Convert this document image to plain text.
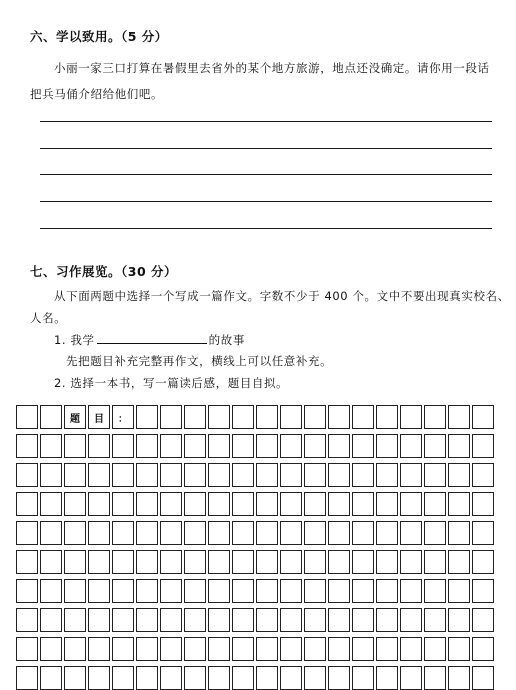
六、学以致用。（5 分）
小丽一家三口打算在暑假里去省外的某个地方旅游，地点还没确定。请你用一段话
把兵马俑介绍给他们吧。
七、习作展览。（30 分）
从下面两题中选择一个写成一篇作文。字数不少于 400 个。文中不要出现真实校名、
人名。
1. 我学	的故事
先把题目补充完整再作文，横线上可以任意补充。
2. 选择一本书，写一篇读后感，题目自拟。
题	目	：
